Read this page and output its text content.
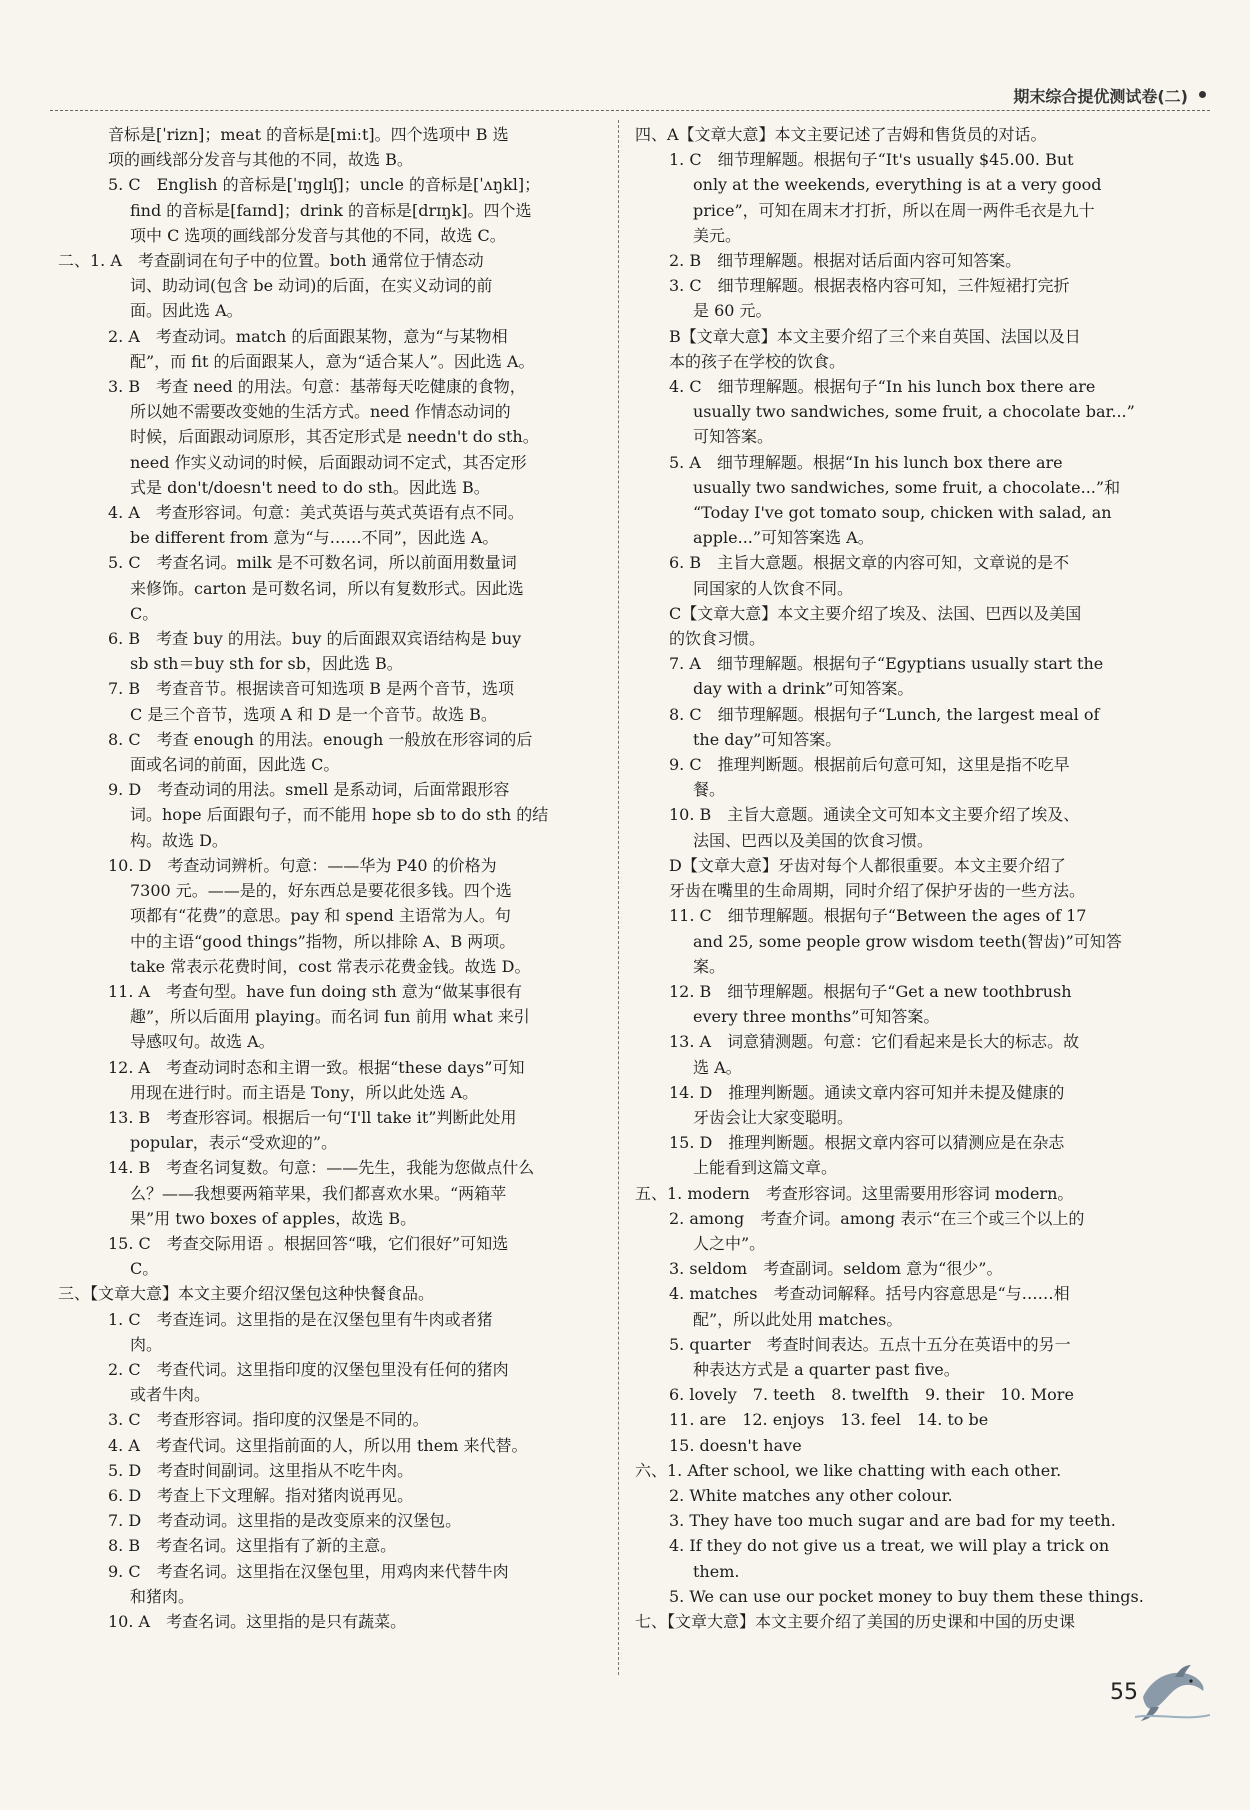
期末综合提优测试卷(二)
音标是[ˈrizn]；meat 的音标是[miːt]。四个选项中 B 选
项的画线部分发音与其他的不同，故选 B。
5. C　English 的音标是[ˈɪŋglɪʃ]；uncle 的音标是[ˈʌŋkl]；
find 的音标是[faɪnd]；drink 的音标是[drɪŋk]。四个选
项中 C 选项的画线部分发音与其他的不同，故选 C。
二、1. A　考查副词在句子中的位置。both 通常位于情态动
词、助动词(包含 be 动词)的后面，在实义动词的前
面。因此选 A。
2. A　考查动词。match 的后面跟某物，意为“与某物相
配”，而 fit 的后面跟某人，意为“适合某人”。因此选 A。
3. B　考查 need 的用法。句意：基蒂每天吃健康的食物，
所以她不需要改变她的生活方式。need 作情态动词的
时候，后面跟动词原形，其否定形式是 needn't do sth。
need 作实义动词的时候，后面跟动词不定式，其否定形
式是 don't/doesn't need to do sth。因此选 B。
4. A　考查形容词。句意：美式英语与英式英语有点不同。
be different from 意为“与……不同”，因此选 A。
5. C　考查名词。milk 是不可数名词，所以前面用数量词
来修饰。carton 是可数名词，所以有复数形式。因此选
C。
6. B　考查 buy 的用法。buy 的后面跟双宾语结构是 buy
sb sth＝buy sth for sb，因此选 B。
7. B　考查音节。根据读音可知选项 B 是两个音节，选项
C 是三个音节，选项 A 和 D 是一个音节。故选 B。
8. C　考查 enough 的用法。enough 一般放在形容词的后
面或名词的前面，因此选 C。
9. D　考查动词的用法。smell 是系动词，后面常跟形容
词。hope 后面跟句子，而不能用 hope sb to do sth 的结
构。故选 D。
10. D　考查动词辨析。句意：——华为 P40 的价格为
7300 元。——是的，好东西总是要花很多钱。四个选
项都有“花费”的意思。pay 和 spend 主语常为人。句
中的主语“good things”指物，所以排除 A、B 两项。
take 常表示花费时间，cost 常表示花费金钱。故选 D。
11. A　考查句型。have fun doing sth 意为“做某事很有
趣”，所以后面用 playing。而名词 fun 前用 what 来引
导感叹句。故选 A。
12. A　考查动词时态和主谓一致。根据“these days”可知
用现在进行时。而主语是 Tony，所以此处选 A。
13. B　考查形容词。根据后一句“I'll take it”判断此处用
popular，表示“受欢迎的”。
14. B　考查名词复数。句意：——先生，我能为您做点什么
么？——我想要两箱苹果，我们都喜欢水果。“两箱苹
果”用 two boxes of apples，故选 B。
15. C　考查交际用语 。根据回答“哦，它们很好”可知选
C。
三、【文章大意】本文主要介绍汉堡包这种快餐食品。
1. C　考查连词。这里指的是在汉堡包里有牛肉或者猪
肉。
2. C　考查代词。这里指印度的汉堡包里没有任何的猪肉
或者牛肉。
3. C　考查形容词。指印度的汉堡是不同的。
4. A　考查代词。这里指前面的人，所以用 them 来代替。
5. D　考查时间副词。这里指从不吃牛肉。
6. D　考查上下文理解。指对猪肉说再见。
7. D　考查动词。这里指的是改变原来的汉堡包。
8. B　考查名词。这里指有了新的主意。
9. C　考查名词。这里指在汉堡包里，用鸡肉来代替牛肉
和猪肉。
10. A　考查名词。这里指的是只有蔬菜。
四、A【文章大意】本文主要记述了吉姆和售货员的对话。
1. C　细节理解题。根据句子“It's usually $45.00. But
only at the weekends, everything is at a very good
price”，可知在周末才打折，所以在周一两件毛衣是九十
美元。
2. B　细节理解题。根据对话后面内容可知答案。
3. C　细节理解题。根据表格内容可知，三件短裙打完折
是 60 元。
B【文章大意】本文主要介绍了三个来自英国、法国以及日
本的孩子在学校的饮食。
4. C　细节理解题。根据句子“In his lunch box there are
usually two sandwiches, some fruit, a chocolate bar...”
可知答案。
5. A　细节理解题。根据“In his lunch box there are
usually two sandwiches, some fruit, a chocolate...”和
“Today I've got tomato soup, chicken with salad, an
apple...”可知答案选 A。
6. B　主旨大意题。根据文章的内容可知，文章说的是不
同国家的人饮食不同。
C【文章大意】本文主要介绍了埃及、法国、巴西以及美国
的饮食习惯。
7. A　细节理解题。根据句子“Egyptians usually start the
day with a drink”可知答案。
8. C　细节理解题。根据句子“Lunch, the largest meal of
the day”可知答案。
9. C　推理判断题。根据前后句意可知，这里是指不吃早
餐。
10. B　主旨大意题。通读全文可知本文主要介绍了埃及、
法国、巴西以及美国的饮食习惯。
D【文章大意】牙齿对每个人都很重要。本文主要介绍了
牙齿在嘴里的生命周期，同时介绍了保护牙齿的一些方法。
11. C　细节理解题。根据句子“Between the ages of 17
and 25, some people grow wisdom teeth(智齿)”可知答
案。
12. B　细节理解题。根据句子“Get a new toothbrush
every three months”可知答案。
13. A　词意猜测题。句意：它们看起来是长大的标志。故
选 A。
14. D　推理判断题。通读文章内容可知并未提及健康的
牙齿会让大家变聪明。
15. D　推理判断题。根据文章内容可以猜测应是在杂志
上能看到这篇文章。
五、1. modern　考查形容词。这里需要用形容词 modern。
2. among　考查介词。among 表示“在三个或三个以上的
人之中”。
3. seldom　考查副词。seldom 意为“很少”。
4. matches　考查动词解释。括号内容意思是“与……相
配”，所以此处用 matches。
5. quarter　考查时间表达。五点十五分在英语中的另一
种表达方式是 a quarter past five。
6. lovely　7. teeth　8. twelfth　9. their　10. More
11. are　12. enjoys　13. feel　14. to be
15. doesn't have
六、1. After school, we like chatting with each other.
2. White matches any other colour.
3. They have too much sugar and are bad for my teeth.
4. If they do not give us a treat, we will play a trick on
them.
5. We can use our pocket money to buy them these things.
七、【文章大意】本文主要介绍了美国的历史课和中国的历史课
55
